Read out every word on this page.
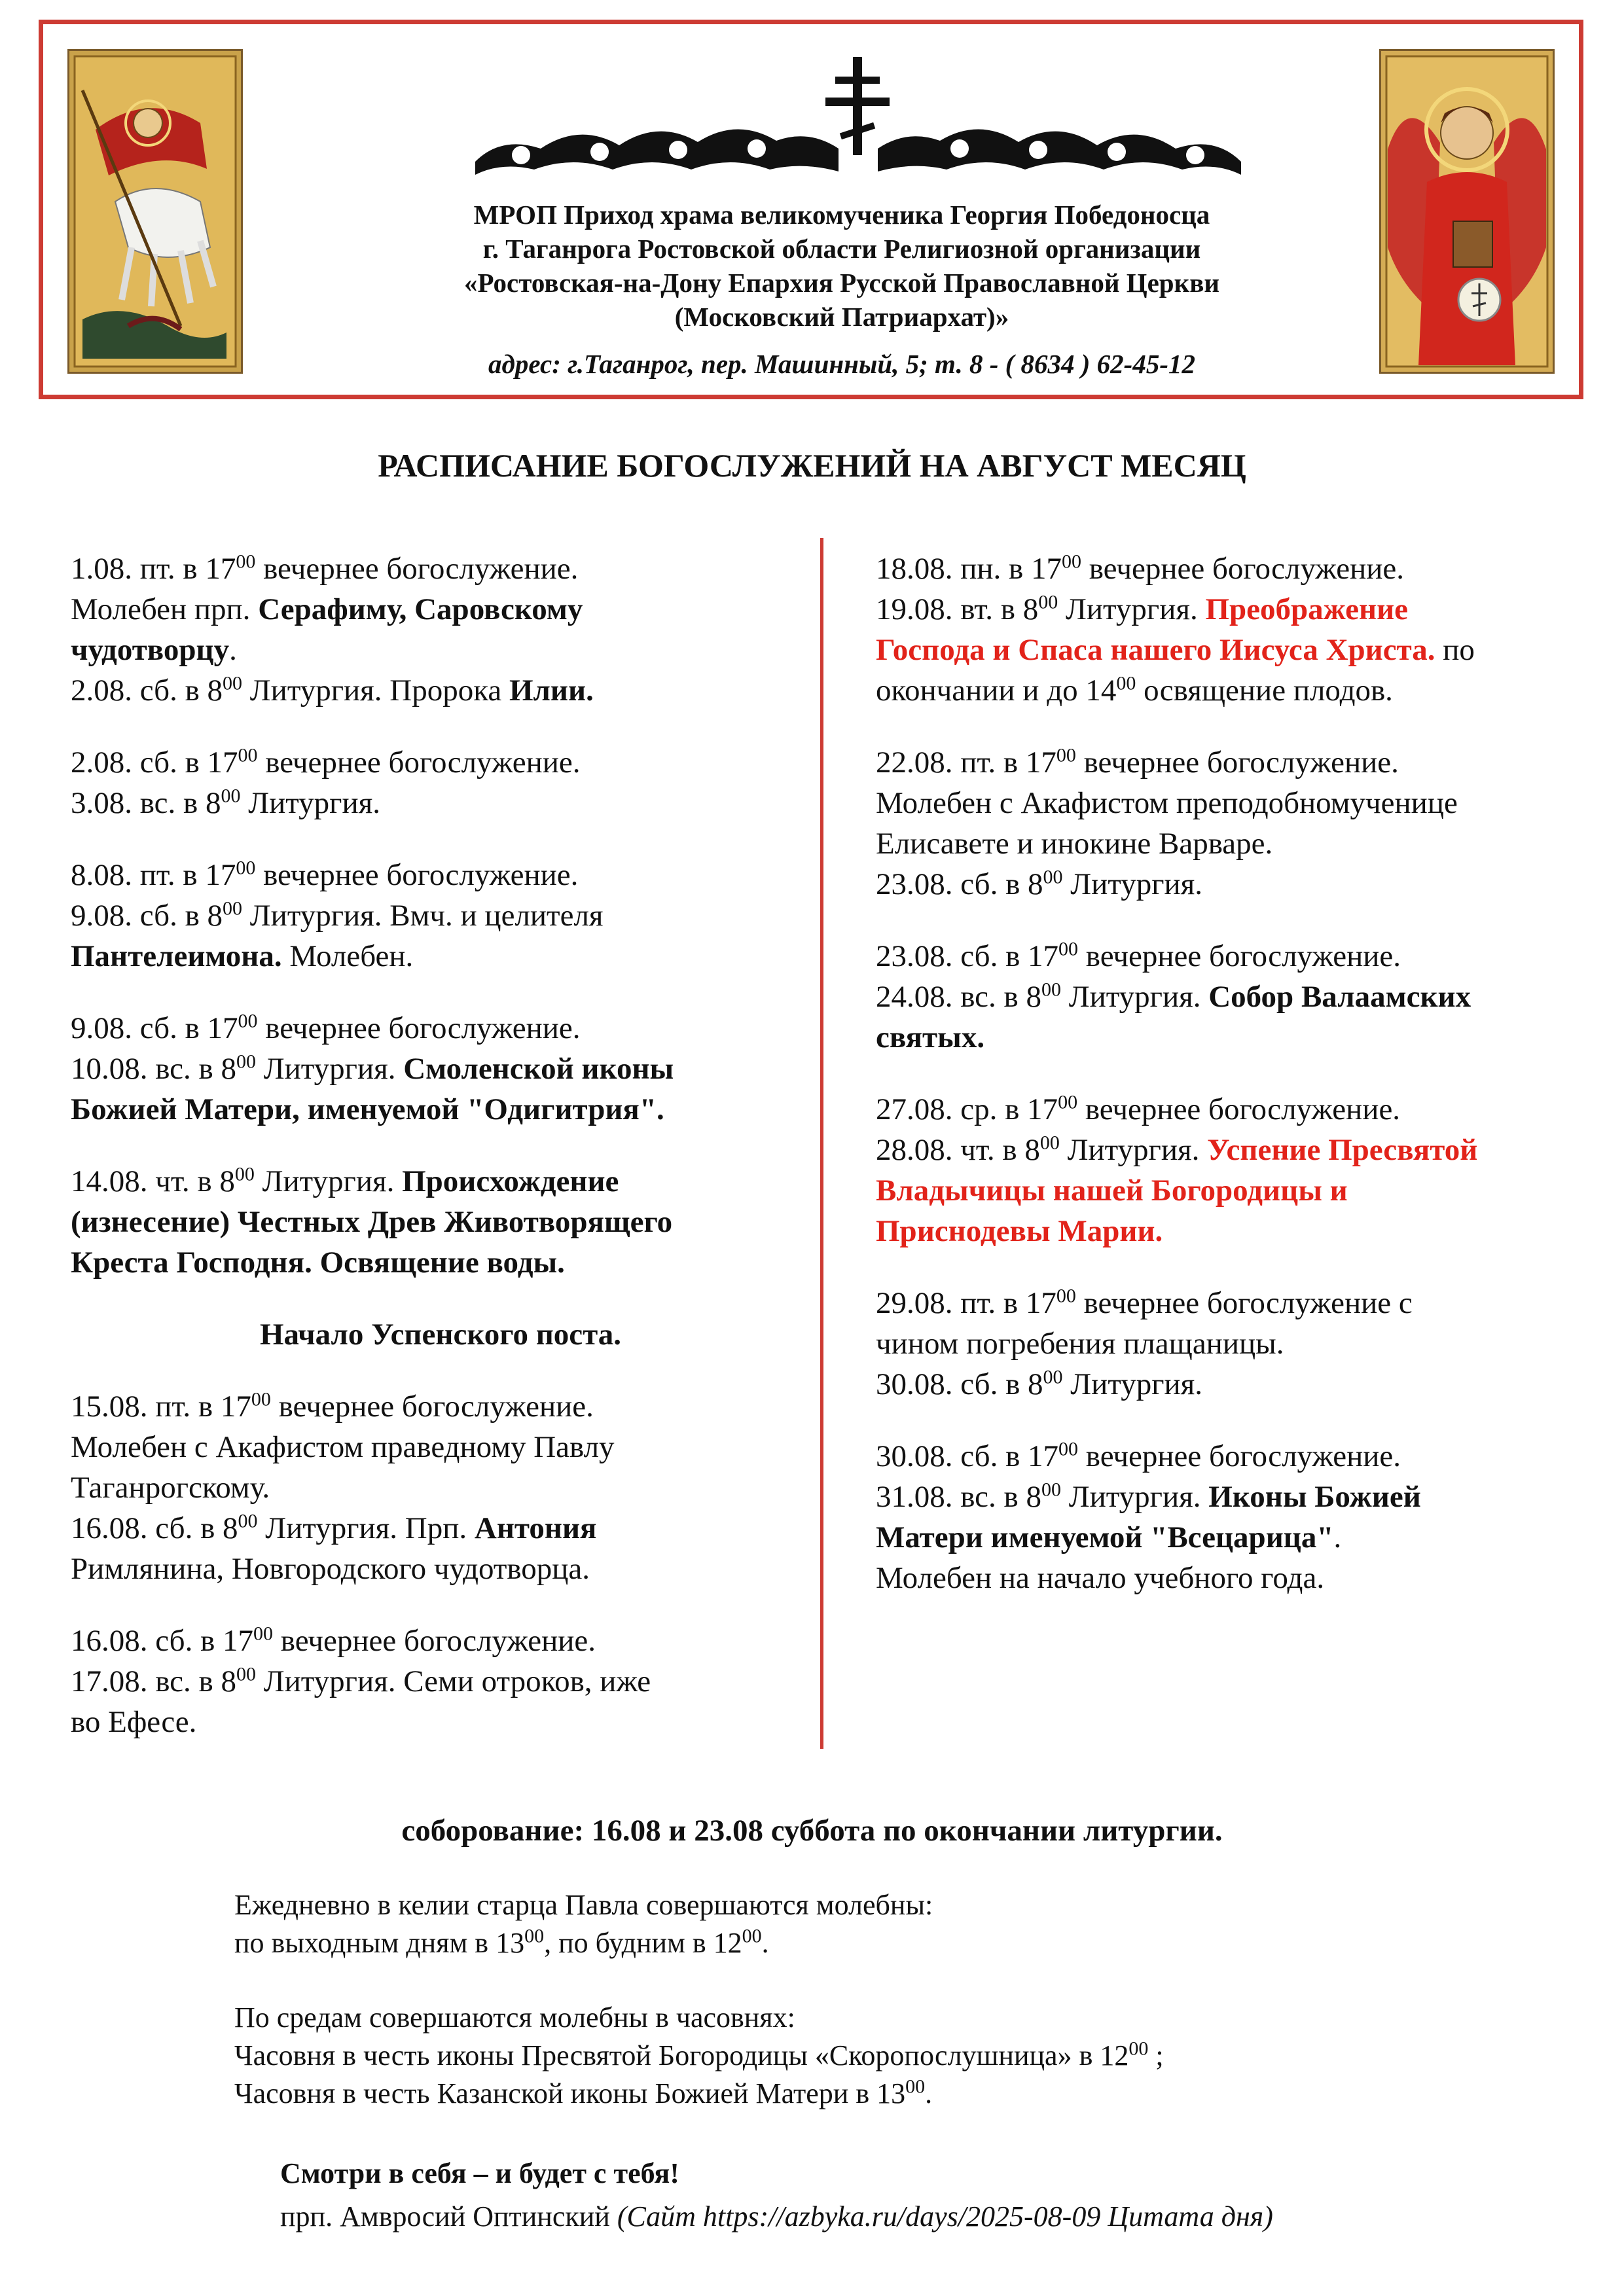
МРОП Приход храма великомученика Георгия Победоносца
г. Таганрога Ростовской области Религиозной организации
«Ростовская-на-Дону Епархия Русской Православной Церкви
(Московский Патриархат)»
адрес: г.Таганрог, пер. Машинный, 5; т. 8 - ( 8634 ) 62-45-12
РАСПИСАНИЕ БОГОСЛУЖЕНИЙ НА АВГУСТ МЕСЯЦ
1.08. пт. в $17^{00}$ вечернее богослужение.
Молебен прп. Серафиму, Саровскому
чудотворцу.
2.08. сб. в $8^{00}$ Литургия. Пророка Илии.
2.08. сб. в $17^{00}$ вечернее богослужение.
3.08. вс. в $8^{00}$ Литургия.
8.08. пт. в $17^{00}$ вечернее богослужение.
9.08. сб. в $8^{00}$ Литургия. Вмч. и целителя
Пантелеимона. Молебен.
9.08. сб. в $17^{00}$ вечернее богослужение.
10.08. вс. в $8^{00}$ Литургия. Смоленской иконы
Божией Матери, именуемой "Одигитрия".
14.08. чт. в $8^{00}$ Литургия. Происхождение
(изнесение) Честных Древ Животворящего
Креста Господня. Освящение воды.
Начало Успенского поста.
15.08. пт. в $17^{00}$ вечернее богослужение.
Молебен с Акафистом праведному Павлу
Таганрогскому.
16.08. сб. в $8^{00}$ Литургия. Прп. Антония
Римлянина, Новгородского чудотворца.
16.08. сб. в $17^{00}$ вечернее богослужение.
17.08. вс. в $8^{00}$ Литургия. Семи отроков, иже
во Ефесе.
18.08. пн. в $17^{00}$ вечернее богослужение.
19.08. вт. в $8^{00}$ Литургия. Преображение
Господа и Спаса нашего Иисуса Христа. по
окончании и до $14^{00}$ освящение плодов.
22.08. пт. в $17^{00}$ вечернее богослужение.
Молебен с Акафистом преподобномученице
Елисавете и инокине Варваре.
23.08. сб. в $8^{00}$ Литургия.
23.08. сб. в $17^{00}$ вечернее богослужение.
24.08. вс. в $8^{00}$ Литургия. Собор Валаамских
святых.
27.08. ср. в $17^{00}$ вечернее богослужение.
28.08. чт. в $8^{00}$ Литургия. Успение Пресвятой
Владычицы нашей Богородицы и
Приснодевы Марии.
29.08. пт. в $17^{00}$ вечернее богослужение с
чином погребения плащаницы.
30.08. сб. в $8^{00}$ Литургия.
30.08. сб. в $17^{00}$ вечернее богослужение.
31.08. вс. в $8^{00}$ Литургия. Иконы Божией
Матери именуемой "Всецарица".
Молебен на начало учебного года.
соборование: 16.08 и 23.08 суббота по окончании литургии.
Ежедневно в келии старца Павла совершаются молебны:
по выходным дням в $13^{00}$, по будним в $12^{00}$.
По средам совершаются молебны в часовнях:
Часовня в честь иконы Пресвятой Богородицы «Скоропослушница» в $12^{00}$ ;
Часовня в честь Казанской иконы Божией Матери в $13^{00}$.
Смотри в себя – и будет с тебя!
прп. Амвросий Оптинский (Сайт https://azbyka.ru/days/2025-08-09 Цитата дня)
